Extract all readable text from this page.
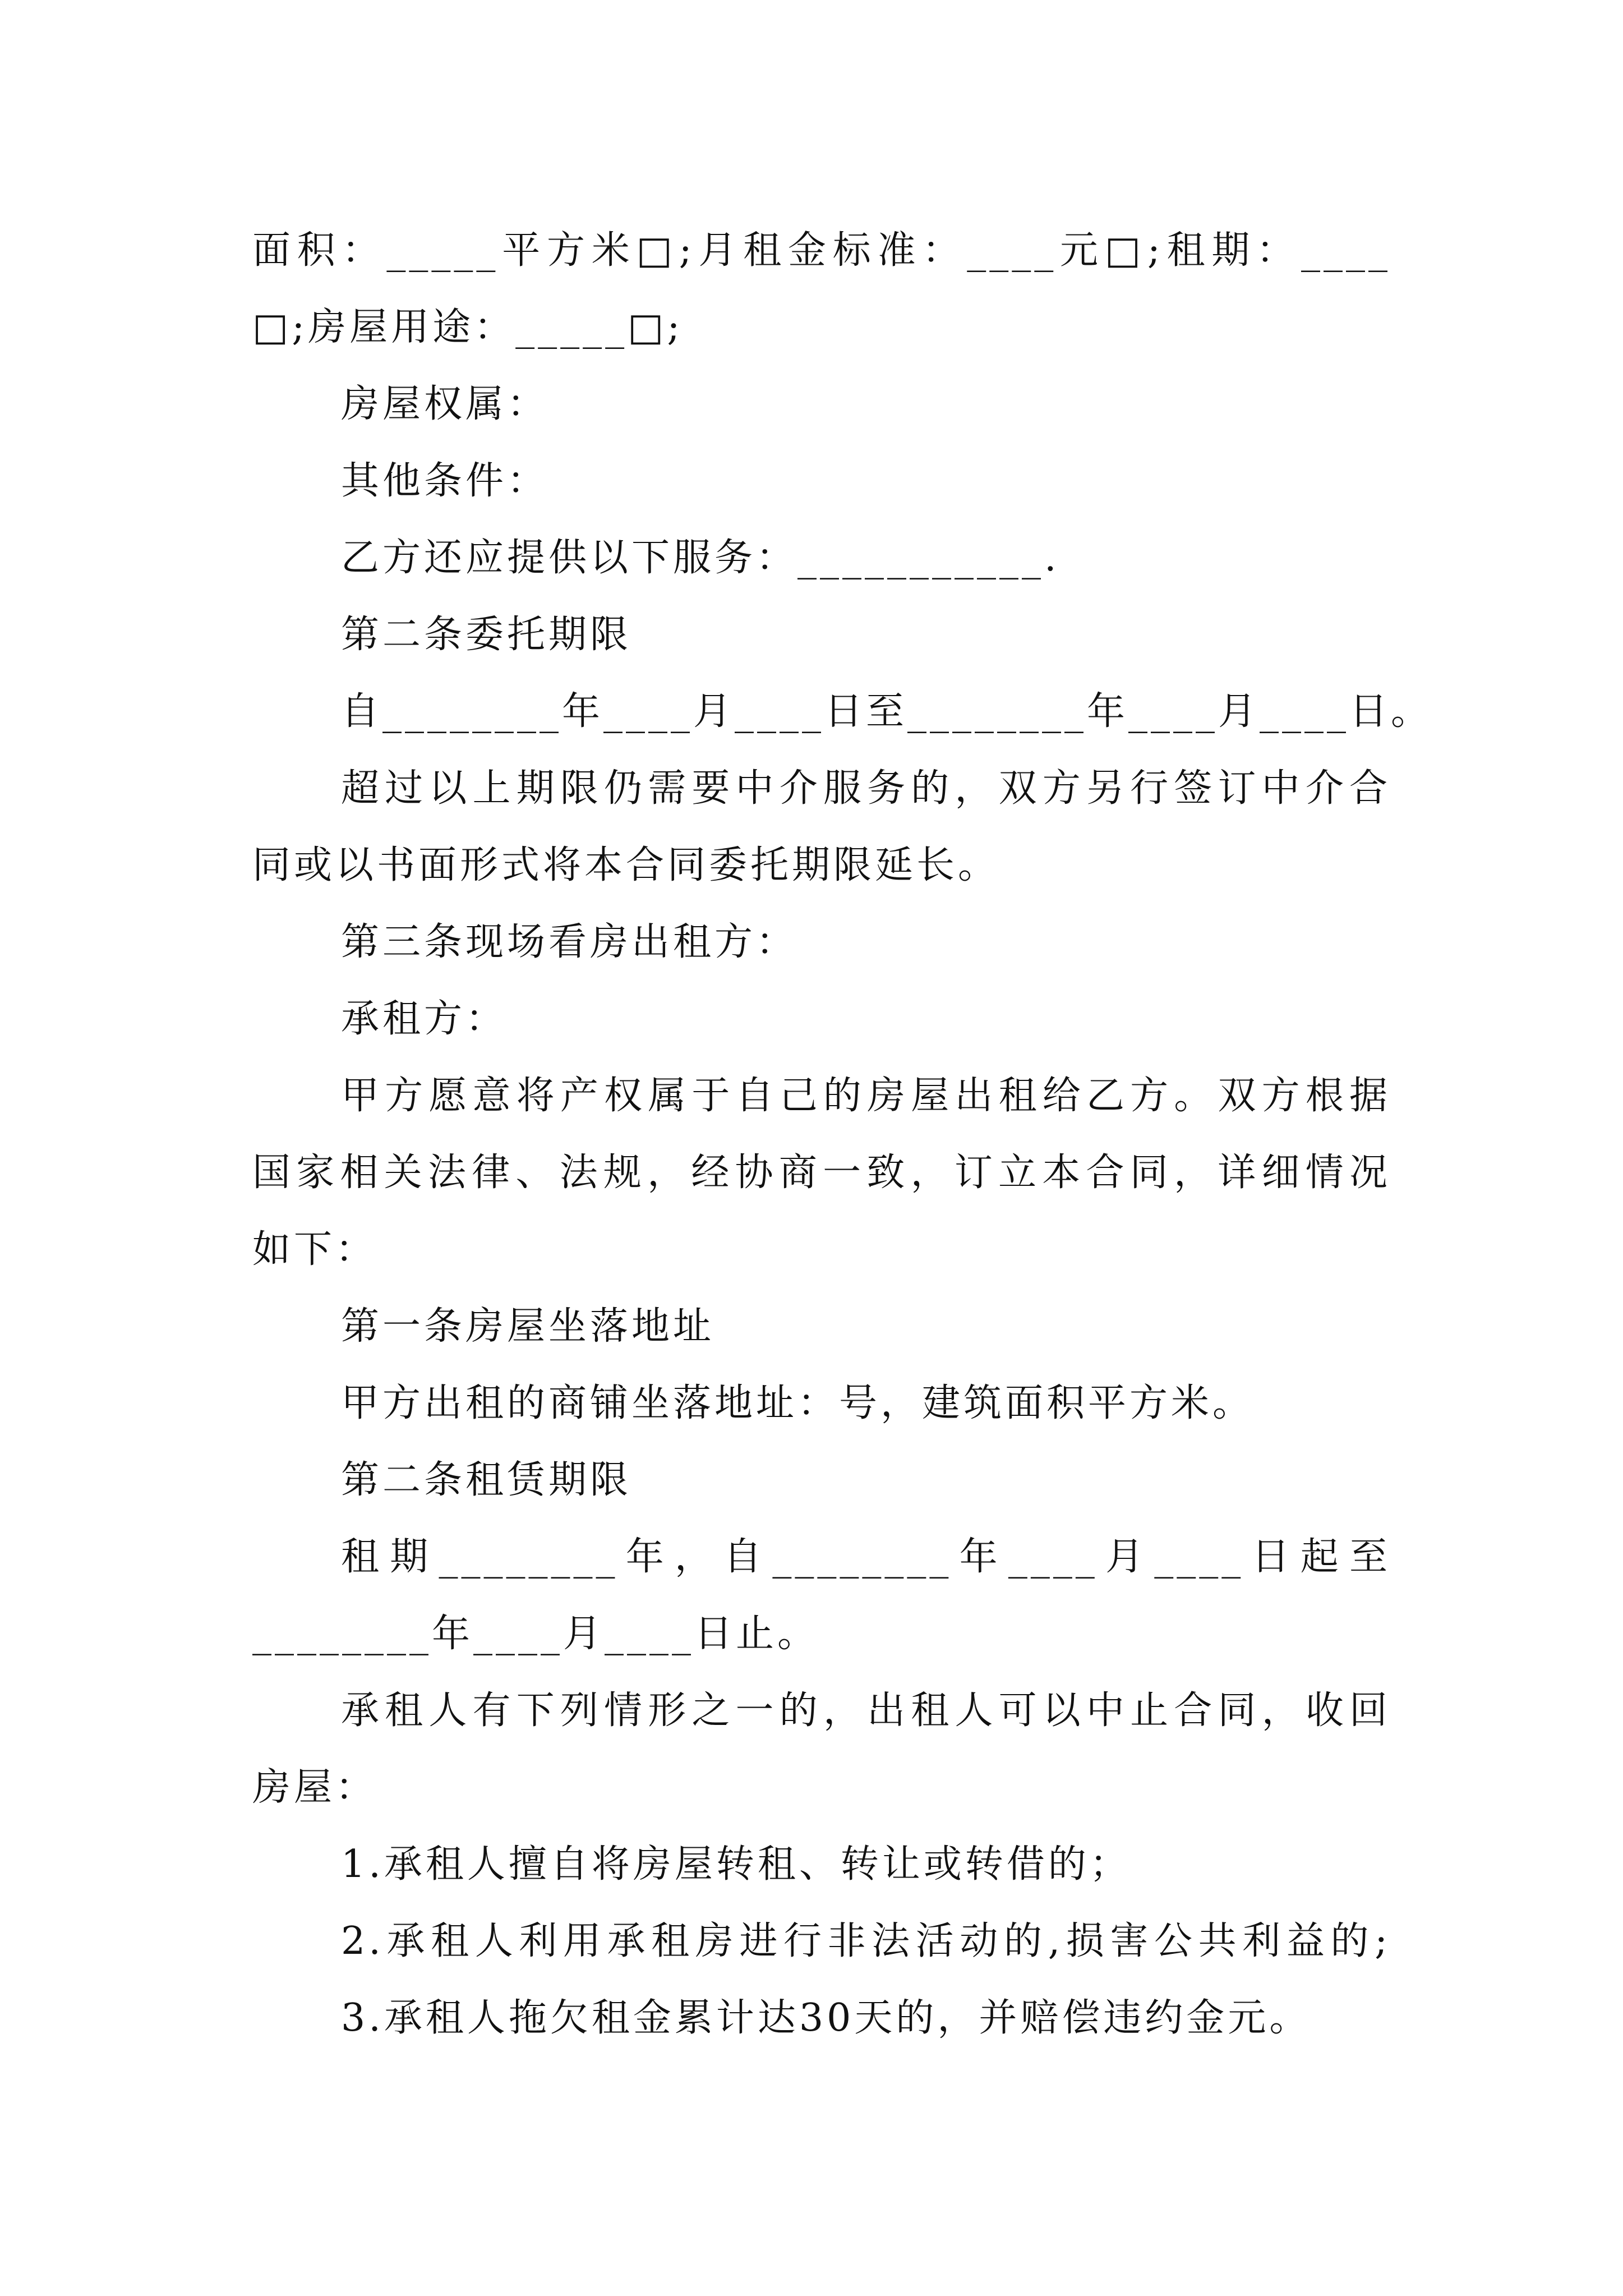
面积：_____平方米□;月租金标准：____元□;租期：____
□;房屋用途：_____□;
房屋权属：
其他条件：
乙方还应提供以下服务：___________.
第二条委托期限
自________年____月____日至________年____月____日。
超过以上期限仍需要中介服务的，双方另行签订中介合
同或以书面形式将本合同委托期限延长。
第三条现场看房出租方：
承租方：
甲方愿意将产权属于自己的房屋出租给乙方。双方根据
国家相关法律、法规，经协商一致，订立本合同，详细情况
如下：
第一条房屋坐落地址
甲方出租的商铺坐落地址：号，建筑面积平方米。
第二条租赁期限
租期________年，自________年____月____日起至
________年____月____日止。
承租人有下列情形之一的，出租人可以中止合同，收回
房屋：
1.承租人擅自将房屋转租、转让或转借的；
2.承租人利用承租房进行非法活动的,损害公共利益的;
3.承租人拖欠租金累计达30天的，并赔偿违约金元。
